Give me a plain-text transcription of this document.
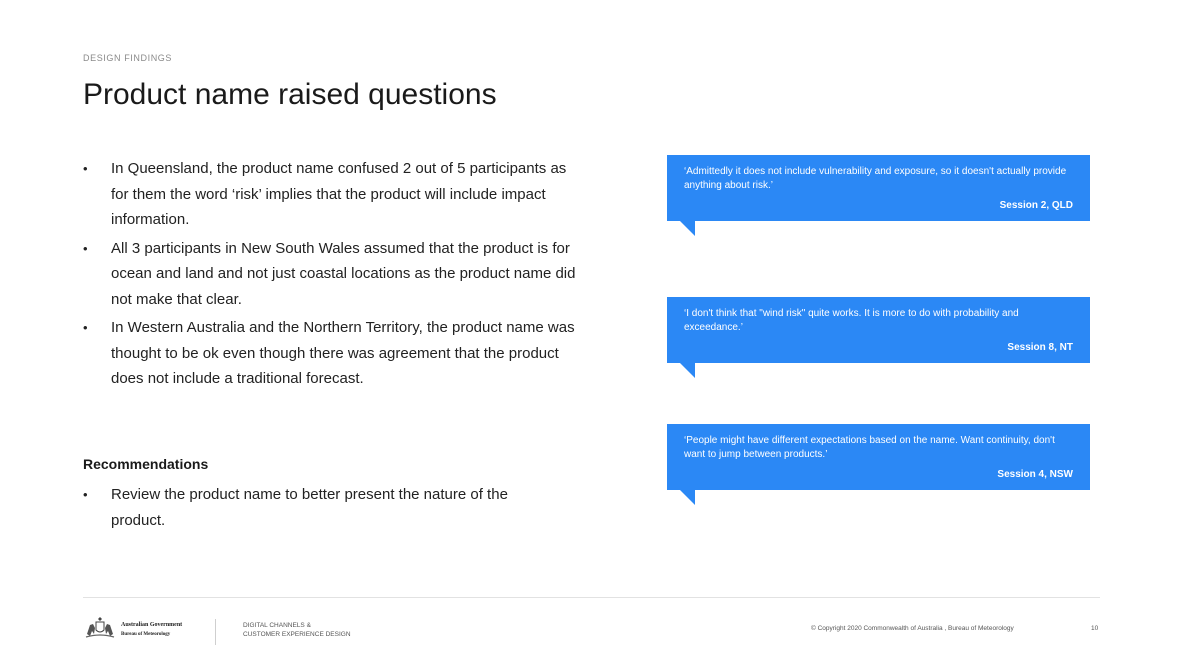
DESIGN FINDINGS
Product name raised questions
•	In Queensland, the product name confused 2 out of 5 participants as for them the word ‘risk’ implies that the product will include impact information.
•	All 3 participants in New South Wales assumed that the product is for ocean and land and not just coastal locations as the product name did not make that clear.
•	In Western Australia and the Northern Territory, the product name was thought to be ok even though there was agreement that the product does not include a traditional forecast.
Recommendations
•	Review the product name to better present the nature of the product.
‘Admittedly it does not include vulnerability and exposure, so it doesn't actually provide anything about risk.’
Session 2, QLD
‘I don't think that "wind risk" quite works. It is more to do with probability and exceedance.’
Session 8, NT
‘People might have different expectations based on the name. Want continuity, don't want to jump between products.’
Session 4, NSW
Australian Government
Bureau of Meteorology
DIGITAL CHANNELS &
CUSTOMER EXPERIENCE DESIGN
© Copyright 2020 Commonwealth of Australia , Bureau of Meteorology	10
